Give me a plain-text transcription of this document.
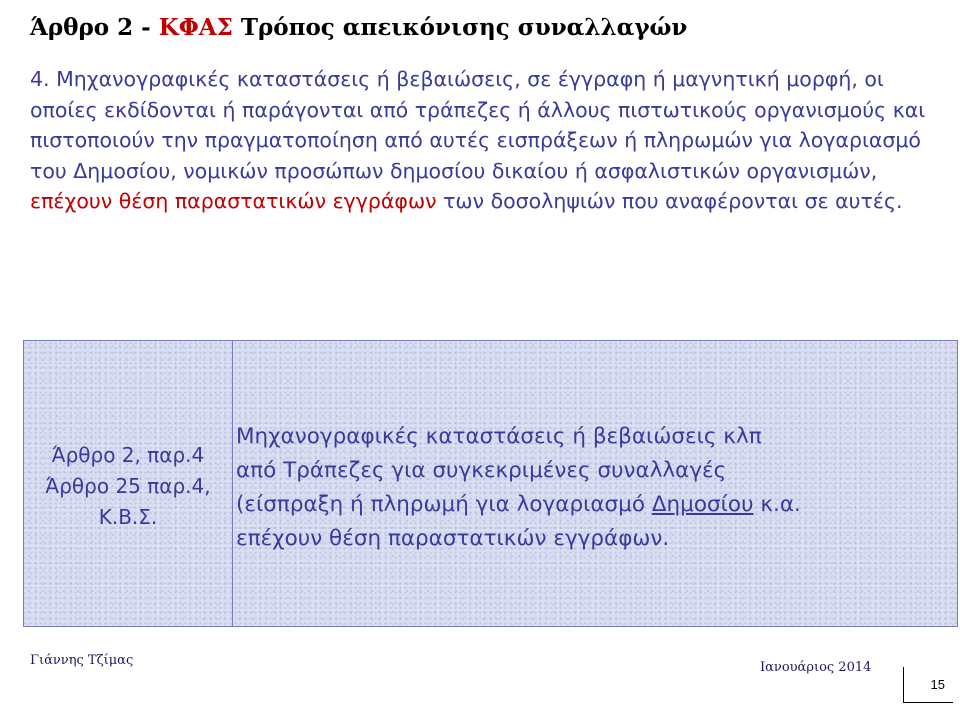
Άρθρο 2 - ΚΦΑΣ Τρόπος απεικόνισης συναλλαγών
4. Μηχανογραφικές καταστάσεις ή βεβαιώσεις, σε έγγραφη ή μαγνητική μορφή, οι οποίες εκδίδονται ή παράγονται από τράπεζες ή άλλους πιστωτικούς οργανισμούς και πιστοποιούν την πραγματοποίηση από αυτές εισπράξεων ή πληρωμών για λογαριασμό του Δημοσίου, νομικών προσώπων δημοσίου δικαίου ή ασφαλιστικών οργανισμών, επέχουν θέση παραστατικών εγγράφων των δοσοληψιών που αναφέρονται σε αυτές.
Άρθρο 2, παρ.4
Άρθρο 25 παρ.4,
Κ.Β.Σ.
Μηχανογραφικές καταστάσεις ή βεβαιώσεις κλπ
από Τράπεζες για συγκεκριμένες συναλλαγές
(είσπραξη ή πληρωμή για λογαριασμό Δημοσίου κ.α.
επέχουν θέση παραστατικών εγγράφων.
Γιάννης Τζίμας	Ιανουάριος 2014
15
